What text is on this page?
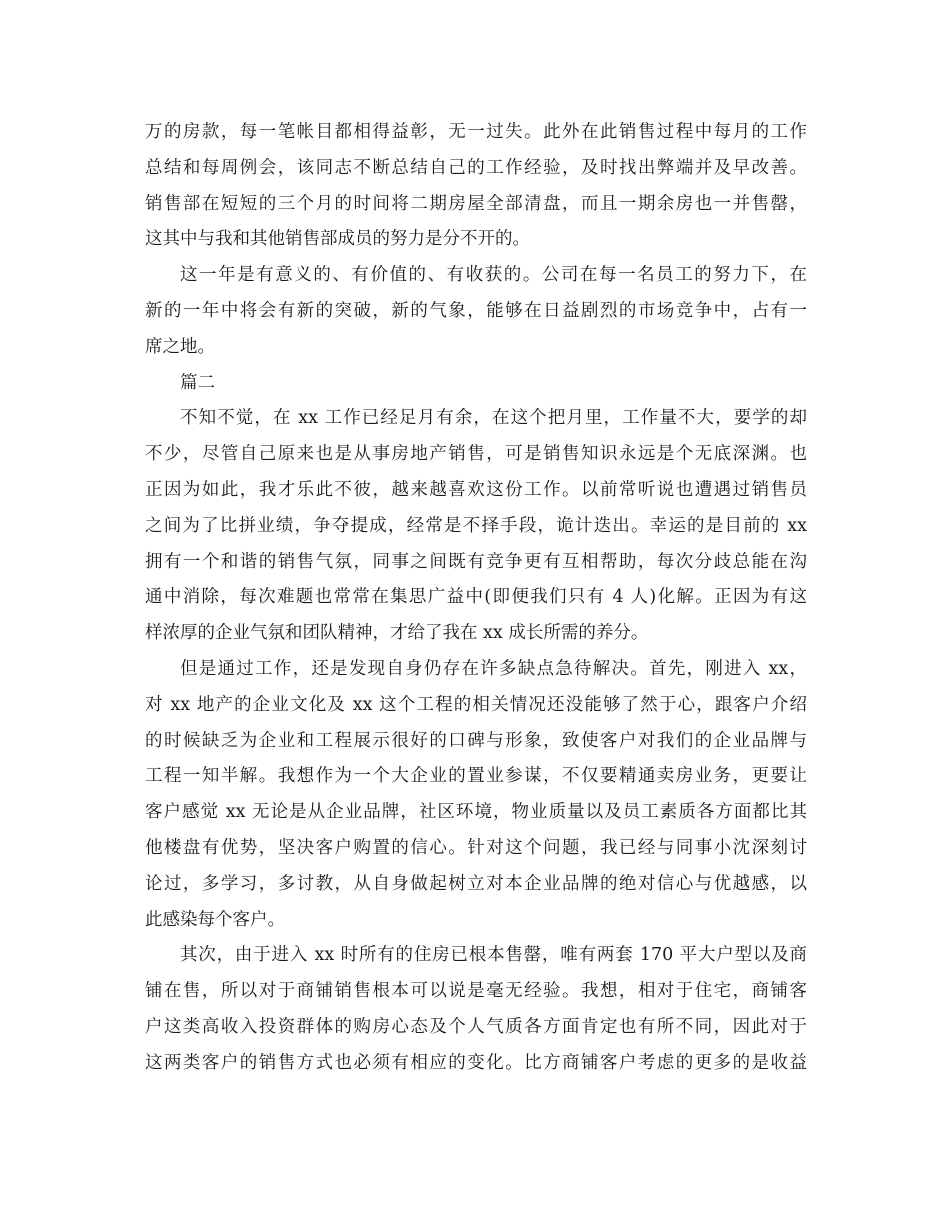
万的房款，每一笔帐目都相得益彰，无一过失。此外在此销售过程中每月的工作
总结和每周例会，该同志不断总结自己的工作经验，及时找出弊端并及早改善。
销售部在短短的三个月的时间将二期房屋全部清盘，而且一期余房也一并售罄，
这其中与我和其他销售部成员的努力是分不开的。
这一年是有意义的、有价值的、有收获的。公司在每一名员工的努力下，在
新的一年中将会有新的突破，新的气象，能够在日益剧烈的市场竞争中，占有一
席之地。
篇二
不知不觉，在 xx 工作已经足月有余，在这个把月里，工作量不大，要学的却
不少，尽管自己原来也是从事房地产销售，可是销售知识永远是个无底深渊。也
正因为如此，我才乐此不彼，越来越喜欢这份工作。以前常听说也遭遇过销售员
之间为了比拼业绩，争夺提成，经常是不择手段，诡计迭出。幸运的是目前的 xx
拥有一个和谐的销售气氛，同事之间既有竞争更有互相帮助，每次分歧总能在沟
通中消除，每次难题也常常在集思广益中(即便我们只有 4 人)化解。正因为有这
样浓厚的企业气氛和团队精神，才给了我在 xx 成长所需的养分。
但是通过工作，还是发现自身仍存在许多缺点急待解决。首先，刚进入 xx，
对 xx 地产的企业文化及 xx 这个工程的相关情况还没能够了然于心，跟客户介绍
的时候缺乏为企业和工程展示很好的口碑与形象，致使客户对我们的企业品牌与
工程一知半解。我想作为一个大企业的置业参谋，不仅要精通卖房业务，更要让
客户感觉 xx 无论是从企业品牌，社区环境，物业质量以及员工素质各方面都比其
他楼盘有优势，坚决客户购置的信心。针对这个问题，我已经与同事小沈深刻讨
论过，多学习，多讨教，从自身做起树立对本企业品牌的绝对信心与优越感，以
此感染每个客户。
其次，由于进入 xx 时所有的住房已根本售罄，唯有两套 170 平大户型以及商
铺在售，所以对于商铺销售根本可以说是毫无经验。我想，相对于住宅，商铺客
户这类高收入投资群体的购房心态及个人气质各方面肯定也有所不同，因此对于
这两类客户的销售方式也必须有相应的变化。比方商铺客户考虑的更多的是收益
